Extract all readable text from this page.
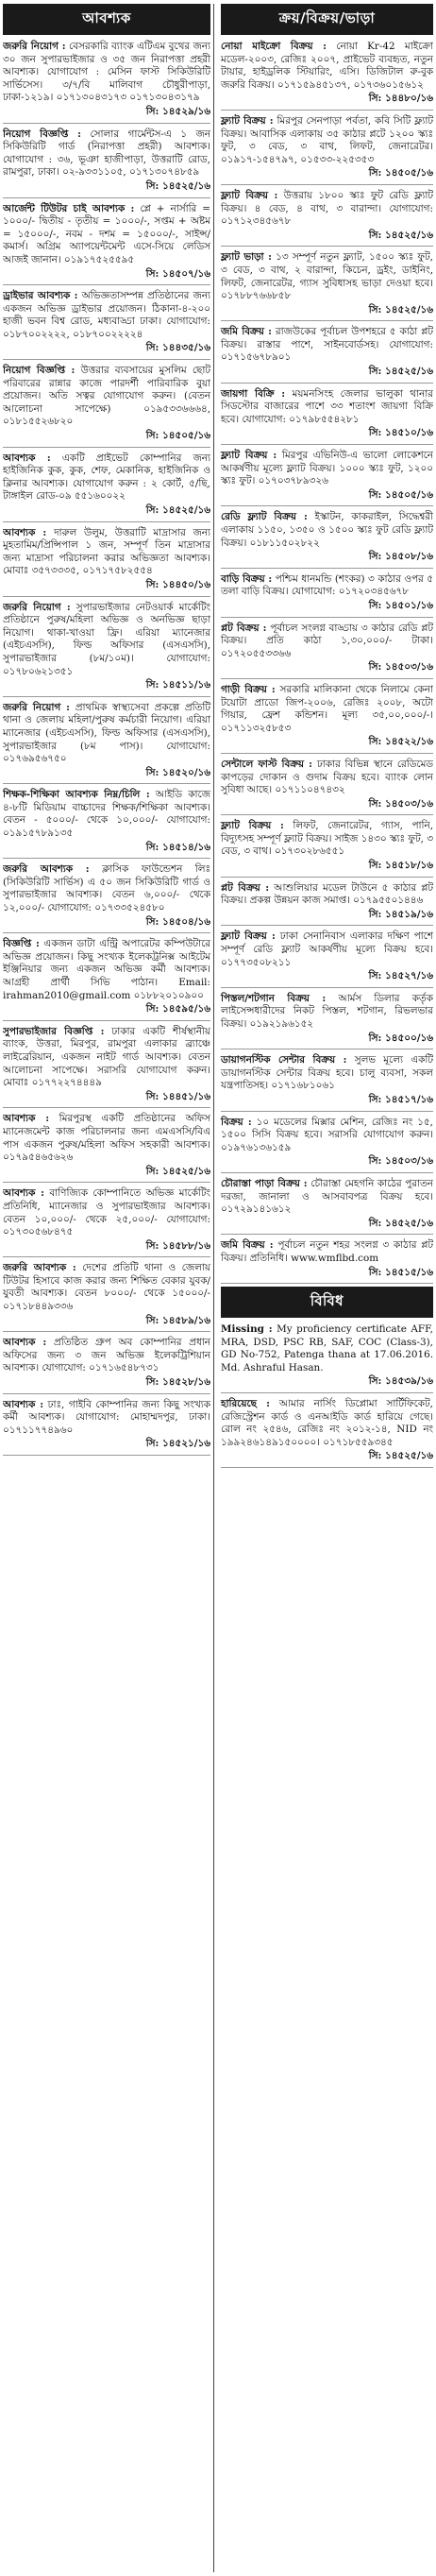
আবশ্যক
জরুরি নিয়োগ : বেসরকারি ব্যাংক এটিএম বুথের জন্য ৩০ জন সুপারভাইজার ও ৩৫ জন নিরাপত্তা প্রহরী আবশ্যক। যোগাযোগ : মেসিন ফাস্ট সিকিউরিটি সার্ভিসেস। ৩/৭/বি মালিবাগ চৌধুরীপাড়া, ঢাকা-১২১৯। ০১৭১৩০৪৩১৭৩ ০১৭১৩০৪৩১৭৯
সি: ১৪৫২৯/১৬
নিয়োগ বিজ্ঞপ্তি : সোলার গার্মেন্টস-এ ১ জন সিকিউরিটি গার্ড (নিরাপত্তা প্রহরী) আবশ্যক। যোগাযোগ : ৩৬, ভূঞা হাজীপাড়া, উত্তরাটি রোড, রামপুরা, ঢাকা। ০২-৯৩৩১১০৫, ০১৭১৩০৭৪৮৫৯
সি: ১৪৫২৫/১৬
আর্জেন্ট টিউটর চাই আবশ্যক : প্লে + নার্সারি = ১০০০/- দ্বিতীয় - তৃতীয় = ১০০০/-, সপ্তম + অষ্টম = ১৫০০০/-, নবম - দশম = ১৫০০০/-, সাইন্স/কমার্স। অগ্রিম অ্যাপয়েন্টমেন্ট এসে-সিয়ে লেডিস আজই জানান। ০১৯১৭৫২৫৫৯৫
সি: ১৪৫০৭/১৬
ড্রাইভার আবশ্যক : অভিজ্ঞতাসম্পন্ন প্রতিষ্ঠানের জন্য একজন অভিজ্ঞ ড্রাইভার প্রয়োজন। ঠিকানা-৪-২০০ হাজী ভবন বিশ্ব রোড, মধ্যবাড্ডা ঢাকা। যোগাযোগ: ০১৮৭০০২২২২, ০১৮৭০০২২২২৪
সি: ১৪৪৩৫/১৬
নিয়োগ বিজ্ঞপ্তি : উত্তরার ব্যবসায়ের মুসলিম ছোট পরিবারের রান্নার কাজে পারদর্শী পারিবারিক বুয়া প্রয়োজন। অতি সত্বর যোগাযোগ করুন। (বেতন আলোচনা সাপেক্ষে) ০১৯৫৩৩৬৬৬৪, ০১৮১৫৫২৬৮২০
সি: ১৪৫০৫/১৬
আবশ্যক : একটি প্রাইভেট কোম্পানির জন্য হাইজিনিক কুক, কুক, শেফ, মেকানিক, হাইজিনিক ও ক্লিনার আবশ্যক। যোগাযোগ করুন : ২ কোর্ট, ৫/ছি, টাঙ্গাইল রোড-০৯ ৫৫১৬০০২২
সি: ১৪৫২৫/১৬
আবশ্যক : দারুল উলুম, উত্তরাটি মাদ্রাসার জন্য মুহতামিম/প্রিন্সিপাল ১ জন, সম্পূর্ণ তিন মাদ্রাসার জন্য মাদ্রাসা পরিচালনা করার অভিজ্ঞতা আবশ্যক। মোবাঃ ৩৫৭৩৩৩৫, ০১৭১৭৫৮২৫৫৪
সি: ১৪৪৫০/১৬
জরুরি নিয়োগ : সুপারভাইজার নেটওয়ার্ক মার্কেটিং প্রতিষ্ঠানে পুরুষ/মহিলা অভিজ্ঞ ও অনভিজ্ঞ ছাড়া নিয়োগ। থাকা-খাওয়া ফ্রি। এরিয়া ম্যানেজার (এইচএসসি), ফিল্ড অফিসার (এসএসসি), সুপারভাইজার (৮ম/১০ম)। যোগাযোগ: ০১৭৮০৬২১৩৫১
সি: ১৪৫১১/১৬
জরুরি নিয়োগ : প্রাথমিক স্বাস্থ্যসেবা প্রকল্পে প্রতিটি থানা ও জেলায় মহিলা/পুরুষ কর্মচারী নিয়োগ। এরিয়া ম্যানেজার (এইচএসসি), ফিল্ড অফিসার (এসএসসি), সুপারভাইজার (৮ম পাস)। যোগাযোগ: ০১৭৬৯৫৬৭৫০
সি: ১৪৫২০/১৬
শিক্ষক-শিক্ষিকা আবশ্যক নিম্ন/চিলি : আইডি কাজে ৪-৮টি মিডিয়াম বাচ্চাদের শিক্ষক/শিক্ষিকা আবশ্যক। বেতন - ৫০০০/- থেকে ১০,০০০/- যোগাযোগ: ০১৯১৫৭৮৯১৩৫
সি: ১৪৫১৪/১৬
জরুরি আবশ্যক : ক্লাসিক ফাউন্ডেশন লিঃ (সিকিউরিটি সার্ভিস) এ ৫০ জন সিকিউরিটি গার্ড ও সুপারভাইজার আবশ্যক। বেতন ৬,০০০/- থেকে ১২,০০০/- যোগাযোগ: ০১৭৩৩৫২৪৫৮০
সি: ১৪৫০৪/১৬
বিজ্ঞপ্তি : একজন ডাটা এন্ট্রি অপারেটর কম্পিউটারে অভিজ্ঞ প্রয়োজন। কিছু সংখ্যক ইলেকট্রনিক্স আইটেম ইঞ্জিনিয়ার জন্য একজন অভিজ্ঞ কর্মী আবশ্যক। আগ্রহী প্রার্থী সিভি পাঠান। Email: irahman2010@gmail.com ০১৮৮২০১০৯০০
সি: ১৪৫৯৫/১৬
সুপারভাইজার বিজ্ঞপ্তি : ঢাকার একটি শীর্ষস্থানীয় ব্যাংক, উত্তরা, মিরপুর, রামপুরা এলাকার ব্র্যাঞ্চে লাইব্রেরিয়ান, একজন নাইট গার্ড আবশ্যক। বেতন আলোচনা সাপেক্ষে। সরাসরি যোগাযোগ করুন। মোবাঃ ০১৭৭২২৭৪৪৪৯
সি: ১৪৪৫১/১৬
আবশ্যক : মিরপুরস্থ একটি প্রতিষ্ঠানের অফিস ম্যানেজমেন্ট কাজ পরিচালনার জন্য এমএসসি/বিএ পাস একজন পুরুষ/মহিলা অফিস সহকারী আবশ্যক। ০১৭৯৫৪৬৫৬২৬
সি: ১৪৫২৫/১৬
আবশ্যক : বাণিজ্যিক কোম্পানিতে অভিজ্ঞ মার্কেটিং প্রতিনিধি, ম্যানেজার ও সুপারভাইজার আবশ্যক। বেতন ১০,০০০/- থেকে ২৫,০০০/- যোগাযোগ: ০১৭৩০৫৬৮৪৭৫
সি: ১৪৫৮৮/১৬
জরুরি আবশ্যক : দেশের প্রতিটি থানা ও জেলায় টিউটর হিসাবে কাজ করার জন্য শিক্ষিত বেকার যুবক/যুবতী আবশ্যক। বেতন ৮০০০/- থেকে ১৫০০০/- ০১৭১৮৪৪৯৩৩৬
সি: ১৪৫৮৯/১৬
আবশ্যক : প্রতিষ্ঠিত গ্রুপ অব কোম্পানির প্রধান অফিসের জন্য ৩ জন অভিজ্ঞ ইলেকট্রিশিয়ান আবশ্যক। যোগাযোগ: ০১৭১৬৫৪৮৭৩১
সি: ১৪৫২৮/১৬
আবশ্যক : ঢাঃ, গাইবি কোম্পানির জন্য কিছু সংখ্যক কর্মী আবশ্যক। যোগাযোগ: মোহাম্মদপুর, ঢাকা। ০১৭১১৭৭৪৯৬০
সি: ১৪৫২১/১৬
ক্রয়/বিক্রয়/ভাড়া
নোয়া মাইক্রো বিক্রয় : নোয়া Kr-42 মাইক্রো মডেল-২০০৩, রেজিঃ ২০০৭, প্রাইভেট ব্যবহৃত, নতুন টায়ার, হাইড্রলিক স্টিয়ারিং, এসি। ডিজিটাল রু-বুক জরুরি বিক্রয়। ০১৭১৫৯৪৫১৩৭, ০১৭৩৬০১৫৬১২
সি: ১৪৪৮০/১৬
ফ্ল্যাট বিক্রয় : মিরপুর সেনপাড়া পর্বতা, কবি সিটি ফ্ল্যাট বিক্রয়। আবাসিক এলাকায় ৩৫ কাঠার প্লটে ১২০০ স্ক্যঃ ফুট, ৩ বেড, ৩ বাথ, লিফট, জেনারেটর। ০১৯১৭-১৫৪৭৯৭, ০১৫৩৩-২২৫৩৫৩
সি: ১৪৫০৫/১৬
ফ্ল্যাট বিক্রয় : উত্তরায় ১৮০০ স্ক্যঃ ফুট রেডি ফ্ল্যাট বিক্রয়। ৪ বেড, ৪ বাথ, ৩ বারান্দা। যোগাযোগ: ০১৭১২৩৪৫৬৭৮
সি: ১৪৫২৫/১৬
ফ্ল্যাট ভাড়া : ১৩ সম্পূর্ণ নতুন ফ্ল্যাট, ১৫০০ স্ক্যঃ ফুট, ৩ বেড, ৩ বাথ, ২ বারান্দা, কিচেন, ড্রইং, ডাইনিং, লিফট, জেনারেটর, গ্যাস সুবিধাসহ ভাড়া দেওয়া হবে। ০১৭৮৮৭৬৬৮৫৮
সি: ১৪৫২৫/১৬
জমি বিক্রয় : রাজউকের পূর্বাচল উপশহরে ৫ কাঠা প্লট বিক্রয়। রাস্তার পাশে, সাইনবোর্ডসহ। যোগাযোগ: ০১৭১৫৬৭৮৯০১
সি: ১৪৫২৫/১৬
জায়গা বিক্রি : ময়মনসিংহ জেলার ভালুকা থানার সিডস্টোর বাজারের পাশে ৩৩ শতাংশ জায়গা বিক্রি হবে। যোগাযোগ: ০১৭৯৮৫৫৪২৮১
সি: ১৪৫১০/১৬
ফ্ল্যাট বিক্রয় : মিরপুর এভিনিউ-এ ভালো লোকেশনে আকর্ষণীয় মূল্যে ফ্ল্যাট বিক্রয়। ১০০০ স্ক্যঃ ফুট, ১২০০ স্ক্যঃ ফুট। ০১৭০৩৭৮৯৩২৬
সি: ১৪৫০৫/১৬
রেডি ফ্ল্যাট বিক্রয় : ইস্কাটন, কাকরাইল, সিদ্ধেশ্বরী এলাকায় ১১৫০, ১৩৫০ ও ১৫০০ স্ক্যঃ ফুট রেডি ফ্ল্যাট বিক্রয়। ০১৮১১৫০২৮২২
সি: ১৪৫০৮/১৬
বাড়ি বিক্রয় : পশ্চিম ধানমন্ডি (শংকর) ৩ কাঠার ওপর ৫ তলা বাড়ি বিক্রয়। যোগাযোগ: ০১৭২০৩৪৫৬৭৮
সি: ১৪৫০১/১৬
প্লট বিক্রয় : পূর্বাচল সংলগ্ন বাড্ডায় ৩ কাঠার রেডি প্লট বিক্রয়। প্রতি কাঠা ১,৩০,০০০/- টাকা। ০১৭২০৫৫৩৩৬৬
সি: ১৪৫০৩/১৬
গাড়ী বিক্রয় : সরকারি মালিকানা থেকে নিলামে কেনা টয়োটা প্রাডো জিপ-২০০৬, রেজিঃ ২০০৮, অটো গিয়ার, ফ্রেশ কন্ডিশন। মূল্য ৩৫,০০,০০০/-। ০১৭১১৩২৫৮৫৩
সি: ১৪৫২২/১৬
সেন্টালে ফাস্ট বিক্রয় : ঢাকার বিভিন্ন স্থানে রেডিমেড কাপড়ের দোকান ও গুদাম বিক্রয় হবে। ব্যাংক লোন সুবিধা আছে। ০১৭১১০৪৭৪৩২
সি: ১৪৫০৩/১৬
ফ্ল্যাট বিক্রয় : লিফট, জেনারেটর, গ্যাস, পানি, বিদ্যুৎসহ সম্পূর্ণ ফ্ল্যাট বিক্রয়। সাইজ ১৪৩০ স্ক্যঃ ফুট, ৩ বেড, ৩ বাথ। ০১৭৩০২৮৬৫৫১
সি: ১৪৫১৮/১৬
প্লট বিক্রয় : আশুলিয়ার মডেল টাউনে ৫ কাঠার প্লট বিক্রয়। প্রকল্প উন্নয়ন কাজ সমাপ্ত। ০১৭৯৫৫০১৪৪৬
সি: ১৪৫১৯/১৬
ফ্ল্যাট বিক্রয় : ঢাকা সেনানিবাস এলাকার দক্ষিণ পাশে সম্পূর্ণ রেডি ফ্ল্যাট আকর্ষণীয় মূল্যে বিক্রয় হবে। ০১৭৭৩৫০৮২১১
সি: ১৪৫২৭/১৬
পিস্তল/শটগান বিক্রয় : আর্মস ডিলার কর্তৃক লাইসেন্সধারীদের নিকট পিস্তল, শটগান, রিভলভার বিক্রয়। ০১৯২১৯৬১৫২
সি: ১৪৫০০/১৬
ডায়াগনস্টিক সেন্টার বিক্রয় : সুলভ মূল্যে একটি ডায়াগনস্টিক সেন্টার বিক্রয় হবে। চালু ব্যবসা, সকল যন্ত্রপাতিসহ। ০১৭১৬৮১০৬১
সি: ১৪৫১৭/১৬
বিক্রয় : ১০ মডেলের মিক্সার মেশিন, রেজিঃ নং ১৫, ১৫০০ সিসি বিক্রয় হবে। সরাসরি যোগাযোগ করুন। ০১৯৭৬১৩৬১৫৯
সি: ১৪৫০৩/১৬
চৌরাস্তা পাড়া বিক্রয় : চৌরাস্তা মেহগনি কাঠের পুরাতন দরজা, জানালা ও আসবাবপত্র বিক্রয় হবে। ০১৭২৯১৪১৬১২
সি: ১৪৫২৫/১৬
জমি বিক্রয় : পূর্বাচল নতুন শহর সংলগ্ন ৩ কাঠার প্লট বিক্রয়। প্রতিনিধি। www.wmflbd.com
সি: ১৪৫১৫/১৬
বিবিধ
Missing : My proficiency certificate AFF, MRA, DSD, PSC RB, SAF, COC (Class-3), GD No-752, Patenga thana at 17.06.2016. Md. Ashraful Hasan.
সি: ১৪৫৩৯/১৬
হারিয়েছে : আমার নার্সিং ডিপ্লোমা সার্টিফিকেট, রেজিস্ট্রেশন কার্ড ও এনআইডি কার্ড হারিয়ে গেছে। রোল নং ২৫৪৬, রেজিঃ নং ২০১২-১৪, NID নং ১৯৯২৪৬১৪৯১৫০০০০। ০১৭১৮৫৫৯৩৪৫
সি: ১৪৫২৫/১৬
